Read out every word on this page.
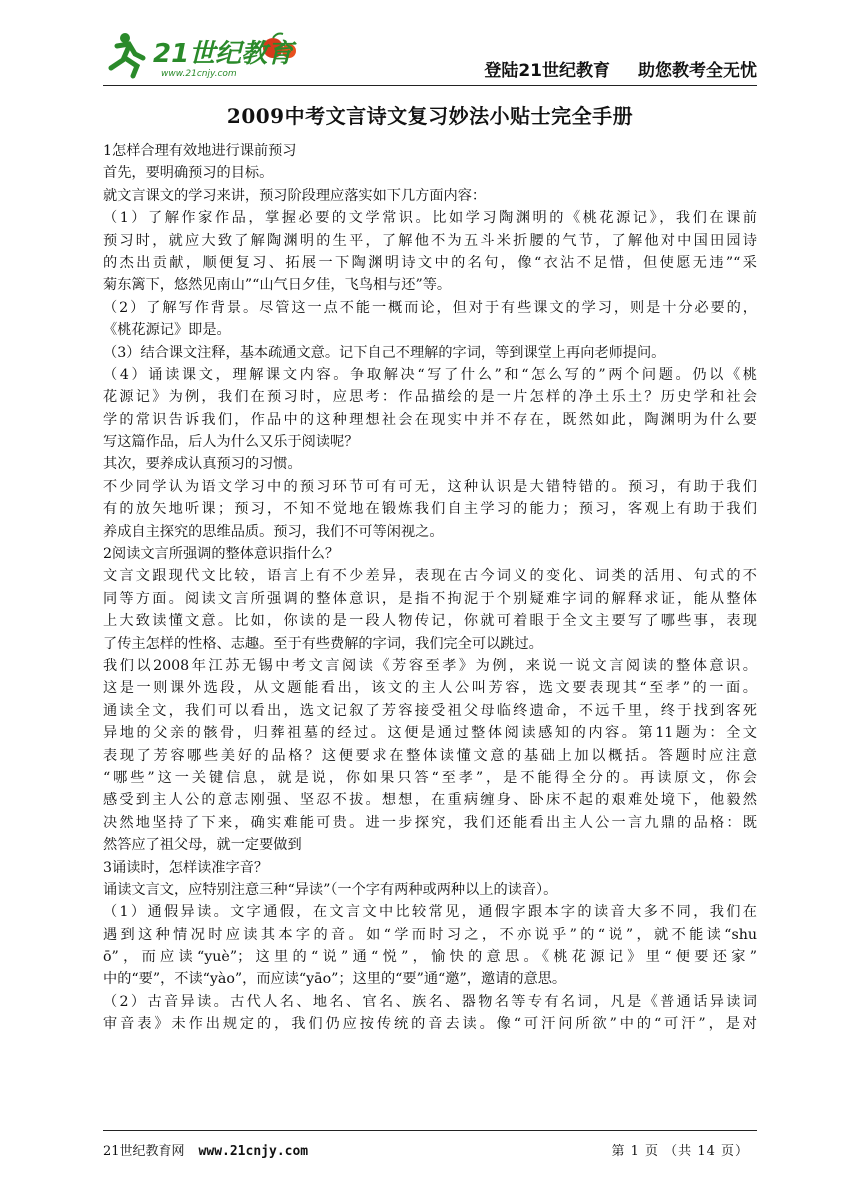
21世纪教育
www.21cnjy.com	登陆21世纪教育 助您教考全无忧
2009中考文言诗文复习妙法小贴士完全手册
1怎样合理有效地进行课前预习
首先，要明确预习的目标。
就文言课文的学习来讲，预习阶段理应落实如下几方面内容：
（1）了解作家作品，掌握必要的文学常识。比如学习陶渊明的《桃花源记》，我们在课前
预习时，就应大致了解陶渊明的生平，了解他不为五斗米折腰的气节，了解他对中国田园诗
的杰出贡献，顺便复习、拓展一下陶渊明诗文中的名句，像“衣沾不足惜，但使愿无违”“采
菊东篱下，悠然见南山”“山气日夕佳，飞鸟相与还”等。
（2）了解写作背景。尽管这一点不能一概而论，但对于有些课文的学习，则是十分必要的，
《桃花源记》即是。
（3）结合课文注释，基本疏通文意。记下自己不理解的字词，等到课堂上再向老师提问。
（4）诵读课文，理解课文内容。争取解决“写了什么”和“怎么写的”两个问题。仍以《桃
花源记》为例，我们在预习时，应思考：作品描绘的是一片怎样的净土乐土？历史学和社会
学的常识告诉我们，作品中的这种理想社会在现实中并不存在，既然如此，陶渊明为什么要
写这篇作品，后人为什么又乐于阅读呢？
其次，要养成认真预习的习惯。
不少同学认为语文学习中的预习环节可有可无，这种认识是大错特错的。预习，有助于我们
有的放矢地听课；预习，不知不觉地在锻炼我们自主学习的能力；预习，客观上有助于我们
养成自主探究的思维品质。预习，我们不可等闲视之。
2阅读文言所强调的整体意识指什么？
文言文跟现代文比较，语言上有不少差异，表现在古今词义的变化、词类的活用、句式的不
同等方面。阅读文言所强调的整体意识，是指不拘泥于个别疑难字词的解释求证，能从整体
上大致读懂文意。比如，你读的是一段人物传记，你就可着眼于全文主要写了哪些事，表现
了传主怎样的性格、志趣。至于有些费解的字词，我们完全可以跳过。
我们以2008年江苏无锡中考文言阅读《芳容至孝》为例，来说一说文言阅读的整体意识。
这是一则课外选段，从文题能看出，该文的主人公叫芳容，选文要表现其“至孝”的一面。
通读全文，我们可以看出，选文记叙了芳容接受祖父母临终遗命，不远千里，终于找到客死
异地的父亲的骸骨，归葬祖墓的经过。这便是通过整体阅读感知的内容。第11题为：全文
表现了芳容哪些美好的品格？这便要求在整体读懂文意的基础上加以概括。答题时应注意
“哪些”这一关键信息，就是说，你如果只答“至孝”，是不能得全分的。再读原文，你会
感受到主人公的意志刚强、坚忍不拔。想想，在重病缠身、卧床不起的艰难处境下，他毅然
决然地坚持了下来，确实难能可贵。进一步探究，我们还能看出主人公一言九鼎的品格：既
然答应了祖父母，就一定要做到
3诵读时，怎样读准字音？
诵读文言文，应特别注意三种“异读”（一个字有两种或两种以上的读音）。
（1）通假异读。文字通假，在文言文中比较常见，通假字跟本字的读音大多不同，我们在
遇到这种情况时应读其本字的音。如“学而时习之，不亦说乎”的“说”，就不能读“shu
ō”，而应读“yuè”；这里的“说”通“悦”，愉快的意思。《桃花源记》里“便要还家”
中的“要”，不读“yào”，而应读“yāo”；这里的“要”通“邀”，邀请的意思。
（2）古音异读。古代人名、地名、官名、族名、器物名等专有名词，凡是《普通话异读词
审音表》未作出规定的，我们仍应按传统的音去读。像“可汗问所欲”中的“可汗”，是对
21世纪教育网 www.21cnjy.com	第 1 页 （共 14 页）
